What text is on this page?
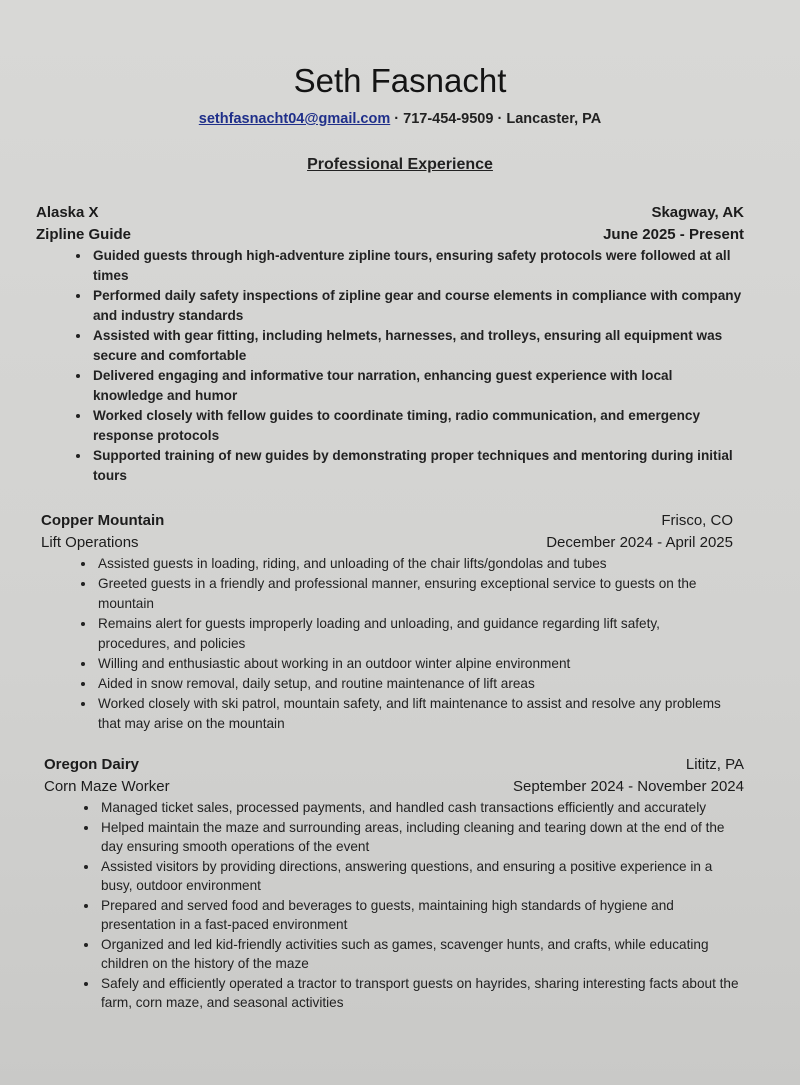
Seth Fasnacht
sethfasnacht04@gmail.com · 717-454-9509 · Lancaster, PA
Professional Experience
Alaska X	Skagway, AK
Zipline Guide	June 2025 - Present
• Guided guests through high-adventure zipline tours, ensuring safety protocols were followed at all times
• Performed daily safety inspections of zipline gear and course elements in compliance with company and industry standards
• Assisted with gear fitting, including helmets, harnesses, and trolleys, ensuring all equipment was secure and comfortable
• Delivered engaging and informative tour narration, enhancing guest experience with local knowledge and humor
• Worked closely with fellow guides to coordinate timing, radio communication, and emergency response protocols
• Supported training of new guides by demonstrating proper techniques and mentoring during initial tours
Copper Mountain	Frisco, CO
Lift Operations	December 2024 - April 2025
• Assisted guests in loading, riding, and unloading of the chair lifts/gondolas and tubes
• Greeted guests in a friendly and professional manner, ensuring exceptional service to guests on the mountain
• Remains alert for guests improperly loading and unloading, and guidance regarding lift safety, procedures, and policies
• Willing and enthusiastic about working in an outdoor winter alpine environment
• Aided in snow removal, daily setup, and routine maintenance of lift areas
• Worked closely with ski patrol, mountain safety, and lift maintenance to assist and resolve any problems that may arise on the mountain
Oregon Dairy	Lititz, PA
Corn Maze Worker	September 2024 - November 2024
• Managed ticket sales, processed payments, and handled cash transactions efficiently and accurately
• Helped maintain the maze and surrounding areas, including cleaning and tearing down at the end of the day ensuring smooth operations of the event
• Assisted visitors by providing directions, answering questions, and ensuring a positive experience in a busy, outdoor environment
• Prepared and served food and beverages to guests, maintaining high standards of hygiene and presentation in a fast-paced environment
• Organized and led kid-friendly activities such as games, scavenger hunts, and crafts, while educating children on the history of the maze
• Safely and efficiently operated a tractor to transport guests on hayrides, sharing interesting facts about the farm, corn maze, and seasonal activities
